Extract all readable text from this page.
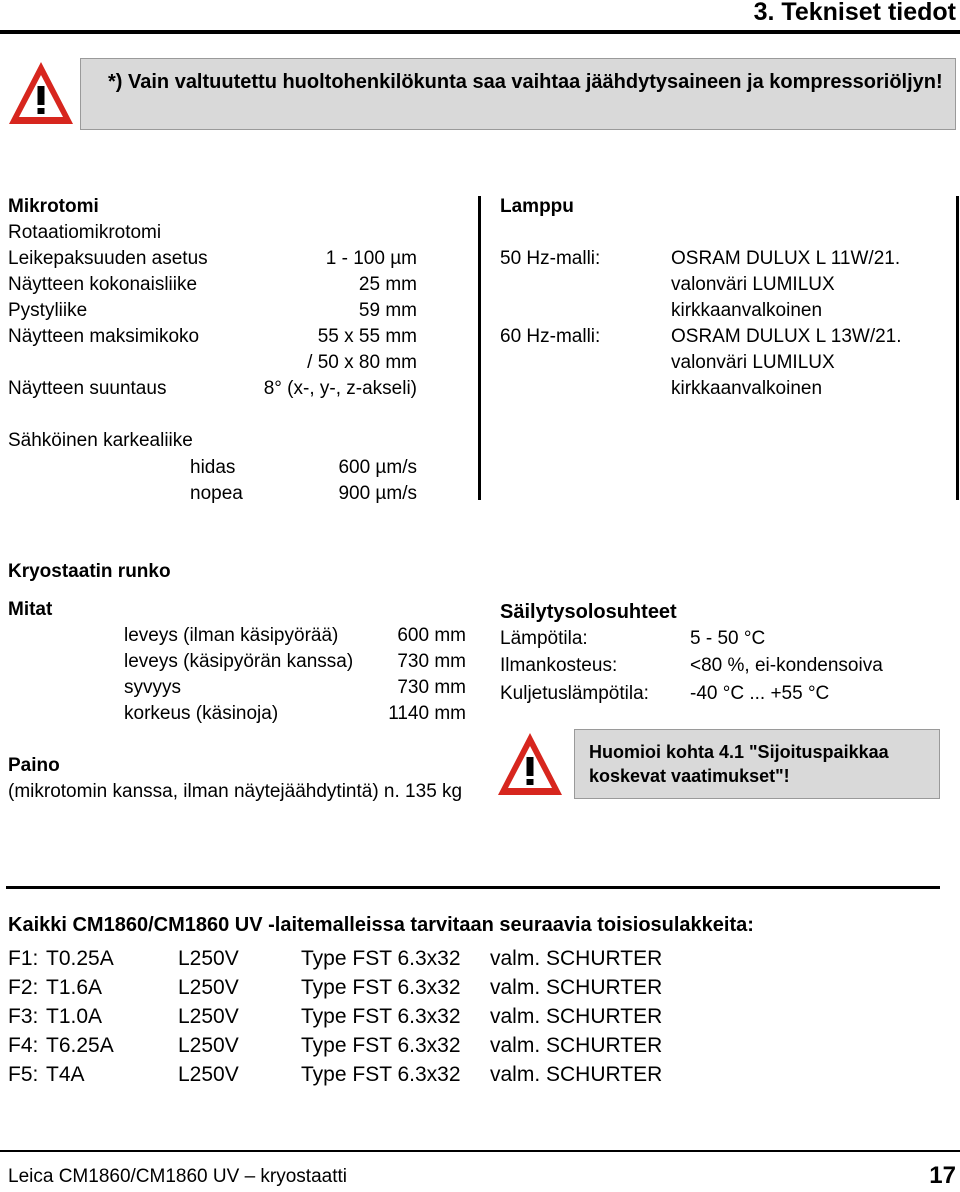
3. Tekniset tiedot
*) Vain valtuutettu huoltohenkilökunta saa vaihtaa jäähdytysaineen ja kompressoriöljyn!
Mikrotomi
Rotaatiomikrotomi
Leikepaksuuden asetus	1 - 100 µm
Näytteen kokonaisliike	25 mm
Pystyliike	59 mm
Näytteen maksimikoko	55 x 55 mm
/ 50 x 80 mm
Näytteen suuntaus	8° (x-, y-, z-akseli)
Sähköinen karkealiike
hidas	600 µm/s
nopea	900 µm/s
Lamppu
50 Hz-malli:	OSRAM DULUX L 11W/21.
valonväri LUMILUX
kirkkaanvalkoinen
60 Hz-malli:	OSRAM DULUX L 13W/21.
valonväri LUMILUX
kirkkaanvalkoinen
Kryostaatin runko
Mitat
leveys (ilman käsipyörää)	600 mm
leveys (käsipyörän kanssa) 730 mm
syvyys	730 mm
korkeus (käsinoja)	1140 mm
Paino
(mikrotomin kanssa, ilman näytejäähdytintä) n. 135 kg
Säilytysolosuhteet
Lämpötila:	5 - 50 °C
Ilmankosteus:	<80 %, ei-kondensoiva
Kuljetuslämpötila: -40 °C ... +55 °C
Huomioi kohta 4.1 "Sijoituspaikkaa
koskevat vaatimukset"!
Kaikki CM1860/CM1860 UV -laitemalleissa tarvitaan seuraavia toisiosulakkeita:
F1: T0.25A	L250V	Type FST 6.3x32 valm. SCHURTER
F2: T1.6A	L250V	Type FST 6.3x32 valm. SCHURTER
F3: T1.0A	L250V	Type FST 6.3x32 valm. SCHURTER
F4: T6.25A	L250V	Type FST 6.3x32 valm. SCHURTER
F5: T4A	L250V	Type FST 6.3x32 valm. SCHURTER
Leica CM1860/CM1860 UV – kryostaatti	17
